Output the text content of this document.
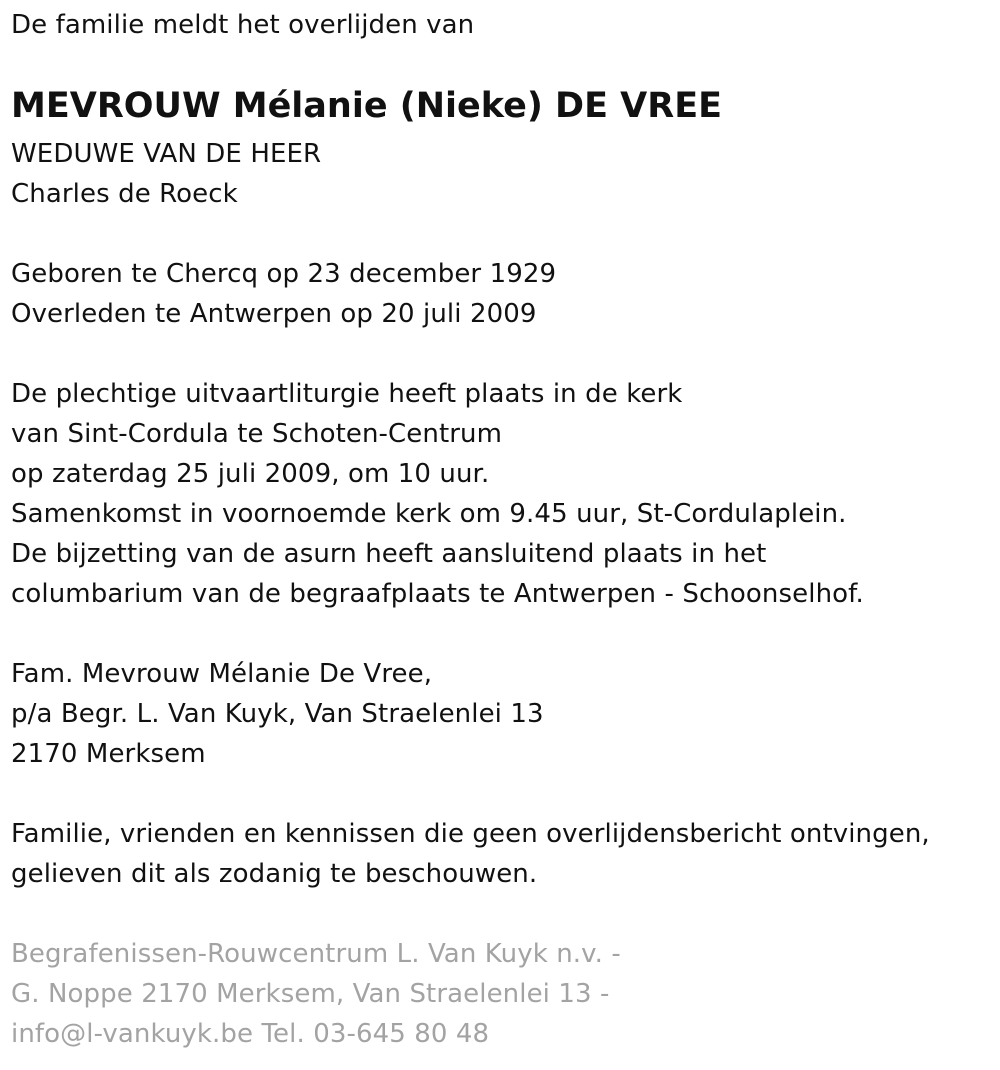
De familie meldt het overlijden van
MEVROUW Mélanie (Nieke) DE VREE
WEDUWE VAN DE HEER
Charles de Roeck
Geboren te Chercq op 23 december 1929
Overleden te Antwerpen op 20 juli 2009
De plechtige uitvaartliturgie heeft plaats in de kerk
van Sint-Cordula te Schoten-Centrum
op zaterdag 25 juli 2009, om 10 uur.
Samenkomst in voornoemde kerk om 9.45 uur, St-Cordulaplein.
De bijzetting van de asurn heeft aansluitend plaats in het
columbarium van de begraafplaats te Antwerpen - Schoonselhof.
Fam. Mevrouw Mélanie De Vree,
p/a Begr. L. Van Kuyk, Van Straelenlei 13
2170 Merksem
Familie, vrienden en kennissen die geen overlijdensbericht ontvingen,
gelieven dit als zodanig te beschouwen.
Begrafenissen-Rouwcentrum L. Van Kuyk n.v. -
G. Noppe 2170 Merksem, Van Straelenlei 13 -
info@l-vankuyk.be Tel. 03-645 80 48
